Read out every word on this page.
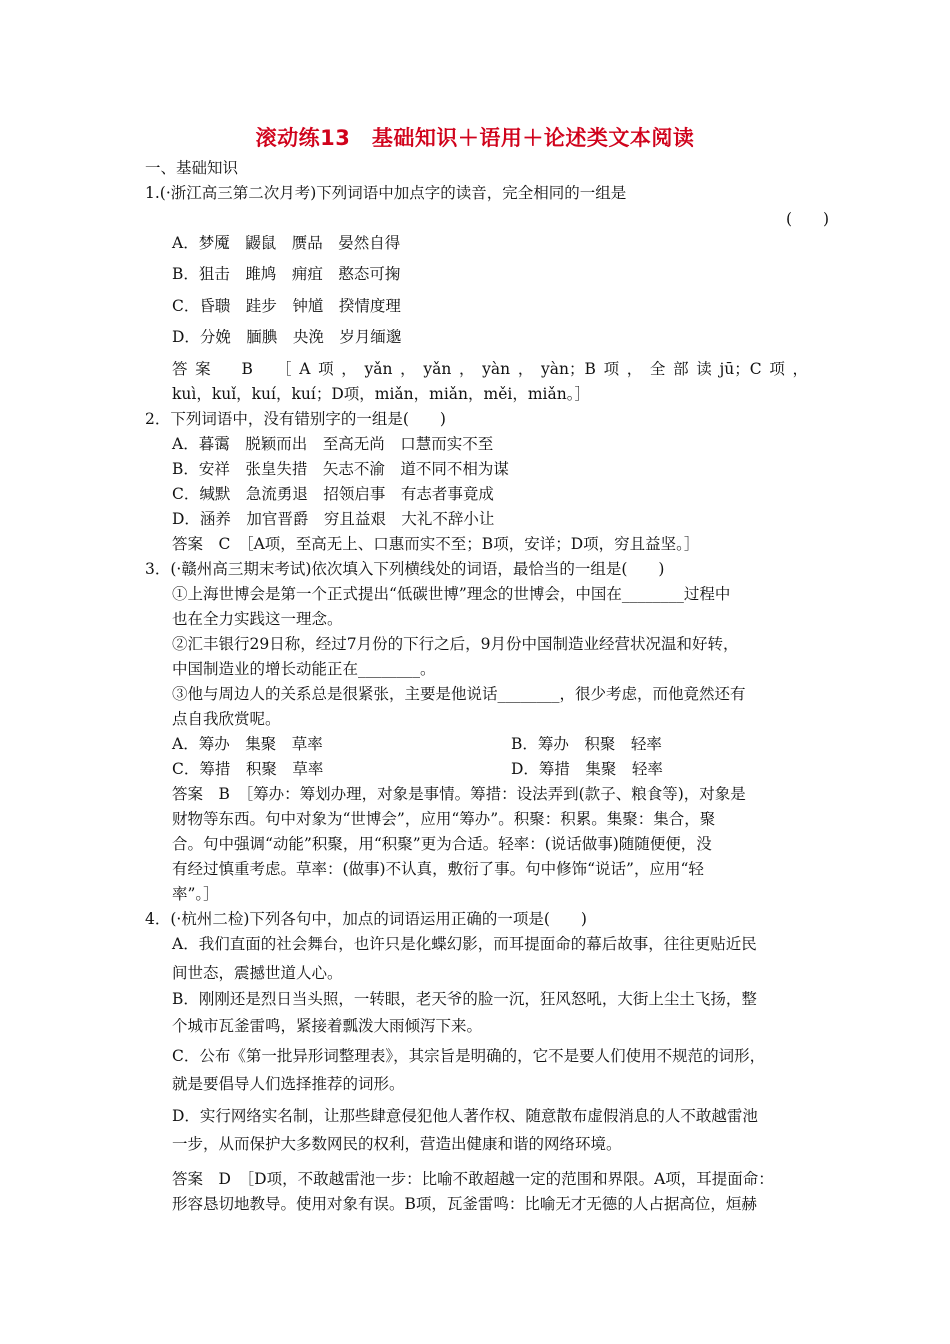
滚动练13　基础知识＋语用＋论述类文本阅读
一、基础知识
1.(·浙江高三第二次月考)下列词语中加点字的读音，完全相同的一组是
(　　)
A．梦魇　鼹鼠　赝品　晏然自得
B．狙击　雎鸠　痈疽　憨态可掬
C．昏聩　跬步　钟馗　揆情度理
D．分娩　腼腆　央浼　岁月缅邈
答案　B　［A项，yǎn，yǎn，yàn，yàn；B项，全部读jū；C项，
kuì，kuǐ，kuí，kuí；D项，miǎn，miǎn，měi，miǎn。］
2．下列词语中，没有错别字的一组是(　　)
A．暮霭　脱颖而出　至高无尚　口慧而实不至
B．安祥　张皇失措　矢志不渝　道不同不相为谋
C．缄默　急流勇退　招领启事　有志者事竟成
D．涵养　加官晋爵　穷且益艰　大礼不辞小让
答案　C　［A项，至高无上、口惠而实不至；B项，安详；D项，穷且益坚。］
3．(·赣州高三期末考试)依次填入下列横线处的词语，最恰当的一组是(　　)
①上海世博会是第一个正式提出“低碳世博”理念的世博会，中国在________过程中
也在全力实践这一理念。
②汇丰银行29日称，经过7月份的下行之后，9月份中国制造业经营状况温和好转，
中国制造业的增长动能正在________。
③他与周边人的关系总是很紧张，主要是他说话________，很少考虑，而他竟然还有
点自我欣赏呢。
A．筹办　集聚　草率	B．筹办　积聚　轻率
C．筹措　积聚　草率	D．筹措　集聚　轻率
答案　B　［筹办：筹划办理，对象是事情。筹措：设法弄到(款子、粮食等)，对象是
财物等东西。句中对象为“世博会”，应用“筹办”。积聚：积累。集聚：集合，聚
合。句中强调“动能”积聚，用“积聚”更为合适。轻率：(说话做事)随随便便，没
有经过慎重考虑。草率：(做事)不认真，敷衍了事。句中修饰“说话”，应用“轻
率”。］
4．(·杭州二检)下列各句中，加点的词语运用正确的一项是(　　)
A．我们直面的社会舞台，也许只是化蝶幻影，而耳提面命的幕后故事，往往更贴近民
间世态，震撼世道人心。
B．刚刚还是烈日当头照，一转眼，老天爷的脸一沉，狂风怒吼，大街上尘土飞扬，整
个城市瓦釜雷鸣，紧接着瓢泼大雨倾泻下来。
C．公布《第一批异形词整理表》，其宗旨是明确的，它不是要人们使用不规范的词形，
就是要倡导人们选择推荐的词形。
D．实行网络实名制，让那些肆意侵犯他人著作权、随意散布虚假消息的人不敢越雷池
一步，从而保护大多数网民的权利，营造出健康和谐的网络环境。
答案　D　［D项，不敢越雷池一步：比喻不敢超越一定的范围和界限。A项，耳提面命：
形容恳切地教导。使用对象有误。B项，瓦釜雷鸣：比喻无才无德的人占据高位，烜赫
